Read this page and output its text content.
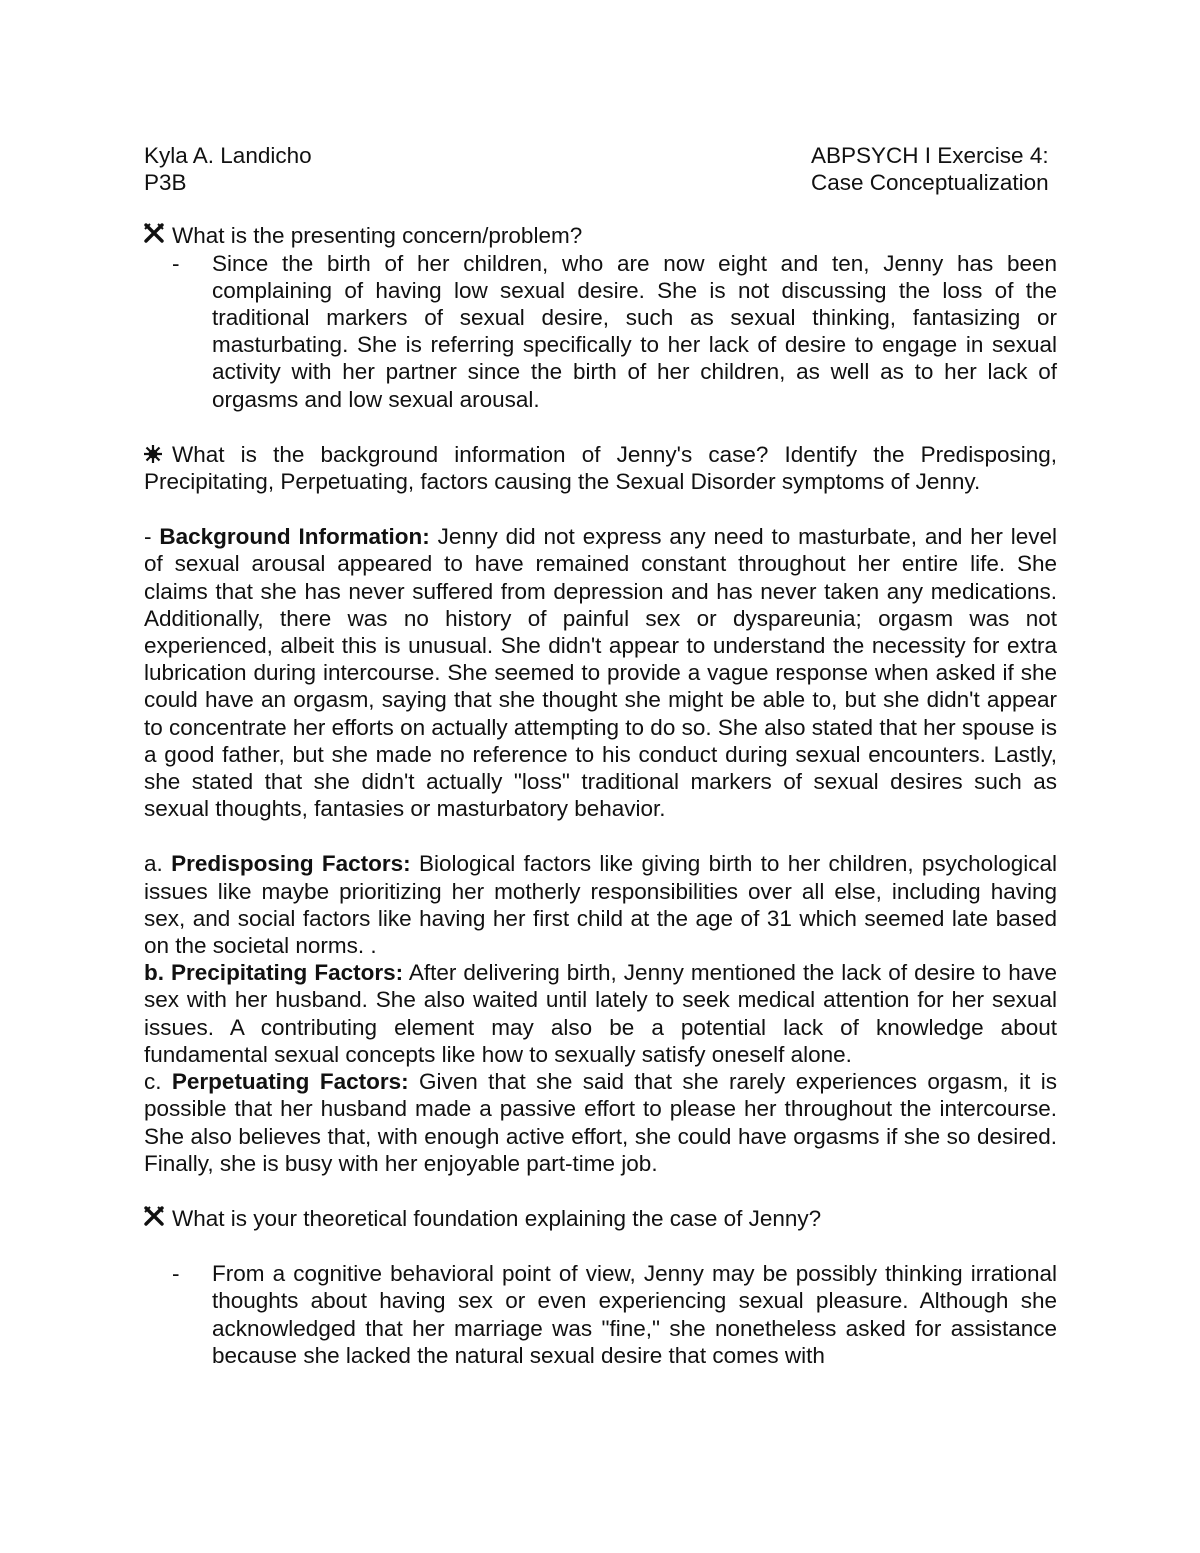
Kyla A. Landicho
P3B
ABPSYCH I Exercise 4:
Case Conceptualization
What is the presenting concern/problem?
-	Since the birth of her children, who are now eight and ten, Jenny has been complaining of having low sexual desire. She is not discussing the loss of the traditional markers of sexual desire, such as sexual thinking, fantasizing or masturbating. She is referring specifically to her lack of desire to engage in sexual activity with her partner since the birth of her children, as well as to her lack of orgasms and low sexual arousal.
What is the background information of Jenny's case? Identify the Predisposing, Precipitating, Perpetuating, factors causing the Sexual Disorder symptoms of Jenny.
- Background Information: Jenny did not express any need to masturbate, and her level of sexual arousal appeared to have remained constant throughout her entire life. She claims that she has never suffered from depression and has never taken any medications. Additionally, there was no history of painful sex or dyspareunia; orgasm was not experienced, albeit this is unusual. She didn't appear to understand the necessity for extra lubrication during intercourse. She seemed to provide a vague response when asked if she could have an orgasm, saying that she thought she might be able to, but she didn't appear to concentrate her efforts on actually attempting to do so. She also stated that her spouse is a good father, but she made no reference to his conduct during sexual encounters. Lastly, she stated that she didn't actually "loss" traditional markers of sexual desires such as sexual thoughts, fantasies or masturbatory behavior.
a. Predisposing Factors: Biological factors like giving birth to her children, psychological issues like maybe prioritizing her motherly responsibilities over all else, including having sex, and social factors like having her first child at the age of 31 which seemed late based on the societal norms. .
b. Precipitating Factors: After delivering birth, Jenny mentioned the lack of desire to have sex with her husband. She also waited until lately to seek medical attention for her sexual issues. A contributing element may also be a potential lack of knowledge about fundamental sexual concepts like how to sexually satisfy oneself alone.
c. Perpetuating Factors: Given that she said that she rarely experiences orgasm, it is possible that her husband made a passive effort to please her throughout the intercourse. She also believes that, with enough active effort, she could have orgasms if she so desired. Finally, she is busy with her enjoyable part-time job.
What is your theoretical foundation explaining the case of Jenny?
-	From a cognitive behavioral point of view, Jenny may be possibly thinking irrational thoughts about having sex or even experiencing sexual pleasure. Although she acknowledged that her marriage was "fine," she nonetheless asked for assistance because she lacked the natural sexual desire that comes with
